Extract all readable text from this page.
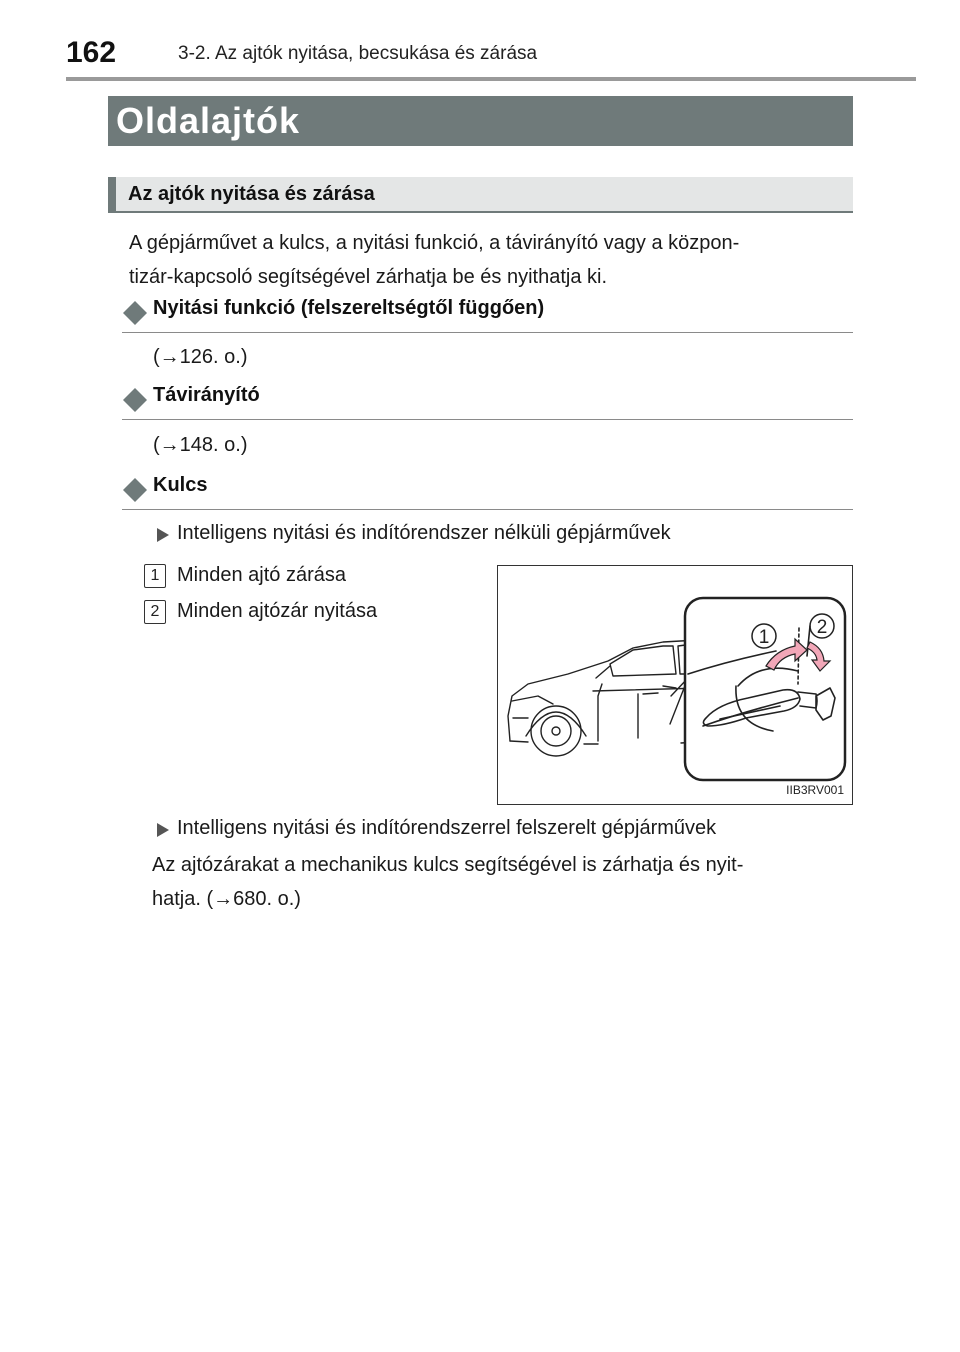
162	3-2. Az ajtók nyitása, becsukása és zárása
Oldalajtók
Az ajtók nyitása és zárása
A gépjárművet a kulcs, a nyitási funkció, a távirányító vagy a közpon-
tizár-kapcsoló segítségével zárhatja be és nyithatja ki.
Nyitási funkció (felszereltségtől függően)
(→126. o.)
Távirányító
(→148. o.)
Kulcs
Intelligens nyitási és indítórendszer nélküli gépjárművek
1 Minden ajtó zárása
2 Minden ajtózár nyitása
1 2
IIB3RV001
Intelligens nyitási és indítórendszerrel felszerelt gépjárművek
Az ajtózárakat a mechanikus kulcs segítségével is zárhatja és nyit-
hatja. (→680. o.)
